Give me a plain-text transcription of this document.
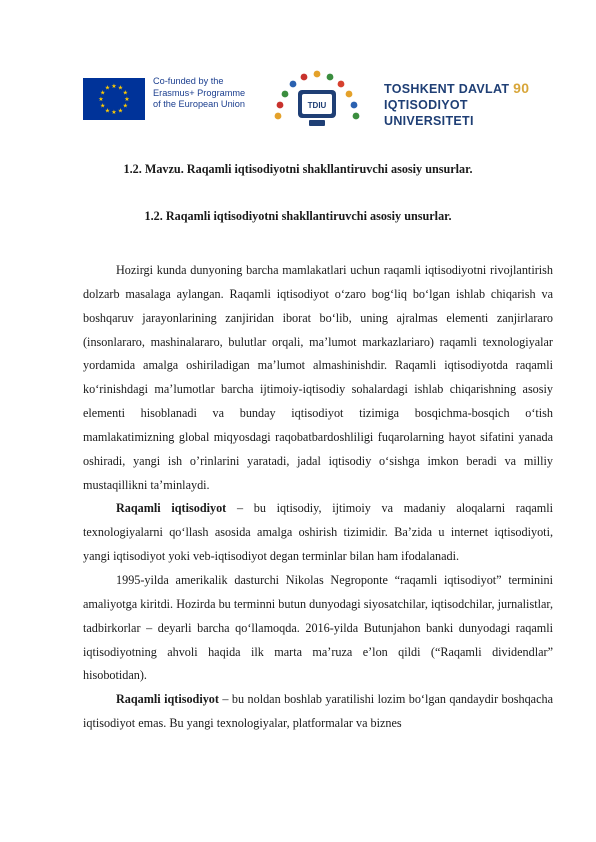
★ ★
★
★
★
★
★
★
★
★
★
★
Co-funded by the
Erasmus+ Programme
of the European Union	TDIU
TOSHKENT DAVLAT 90
IQTISODIYOT UNIVERSITETI
1.2. Mavzu. Raqamli iqtisodiyotni shakllantiruvchi asosiy unsurlar.
1.2. Raqamli iqtisodiyotni shakllantiruvchi asosiy unsurlar.

Hozirgi kunda dunyoning barcha mamlakatlari uchun raqamli iqtisodiyotni rivojlantirish dolzarb masalaga aylangan. Raqamli iqtisodiyot o‘zaro bog‘liq bo‘lgan ishlab chiqarish va boshqaruv jarayonlarining zanjiridan iborat bo‘lib, uning ajralmas elementi zanjirlararo (insonlararo, mashinalararo, bulutlar orqali, ma’lumot markazlariaro) raqamli texnologiyalar yordamida amalga oshiriladigan ma’lumot almashinishdir. Raqamli iqtisodiyotda raqamli ko‘rinishdagi ma’lumotlar barcha ijtimoiy-iqtisodiy sohalardagi ishlab chiqarishning asosiy elementi hisoblanadi va bunday iqtisodiyot tizimiga bosqichma-bosqich o‘tish mamlakatimizning global miqyosdagi raqobatbardoshliligi fuqarolarning hayot sifatini yanada oshiradi, yangi ish o’rinlarini yaratadi, jadal iqtisodiy o‘sishga imkon beradi va milliy mustaqillikni ta’minlaydi.

Raqamli iqtisodiyot – bu iqtisodiy, ijtimoiy va madaniy aloqalarni raqamli texnologiyalarni qo‘llash asosida amalga oshirish tizimidir. Ba’zida u internet iqtisodiyoti, yangi iqtisodiyot yoki veb-iqtisodiyot degan terminlar bilan ham ifodalanadi.

1995-yilda amerikalik dasturchi Nikolas Negroponte “raqamli iqtisodiyot” terminini amaliyotga kiritdi. Hozirda bu terminni butun dunyodagi siyosatchilar, iqtisodchilar, jurnalistlar, tadbirkorlar – deyarli barcha qo‘llamoqda. 2016-yilda Butunjahon banki dunyodagi raqamli iqtisodiyotning ahvoli haqida ilk marta ma’ruza e’lon qildi (“Raqamli dividendlar” hisobotidan).

Raqamli iqtisodiyot – bu noldan boshlab yaratilishi lozim bo‘lgan qandaydir boshqacha iqtisodiyot emas. Bu yangi texnologiyalar, platformalar va biznes
